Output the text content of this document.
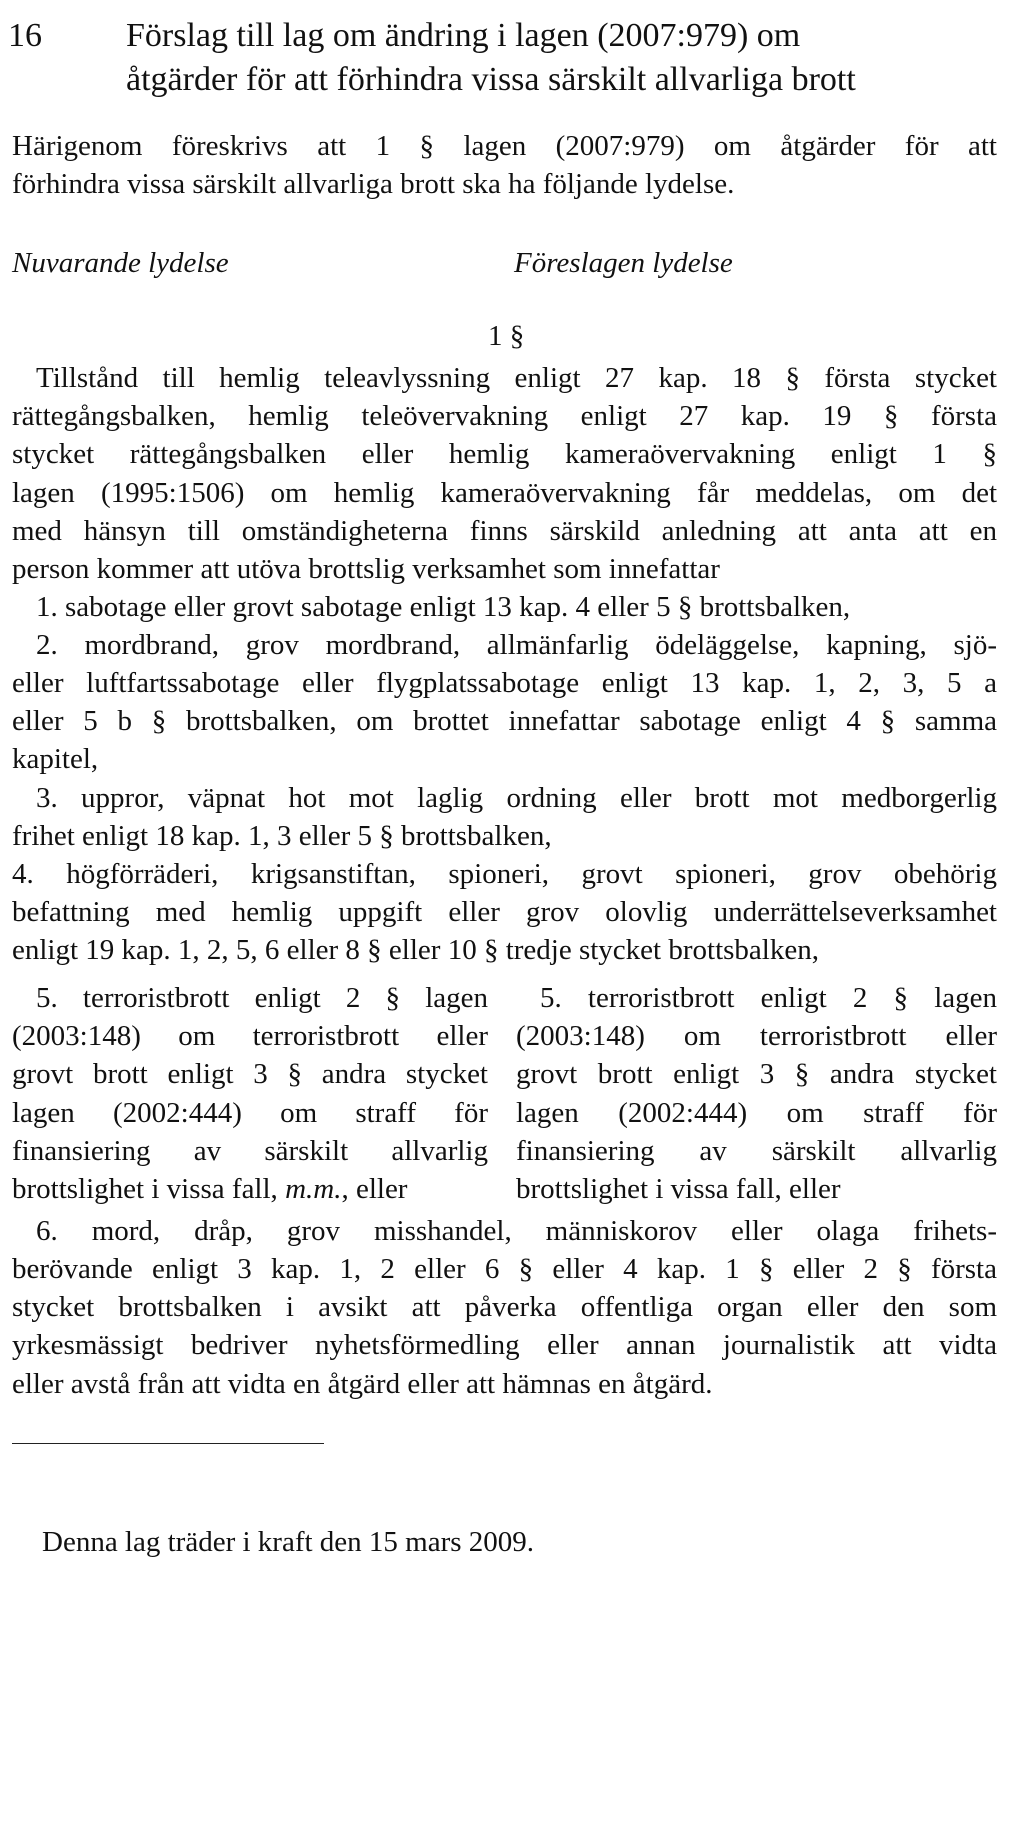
16 Förslag till lag om ändring i lagen (2007:979) om
åtgärder för att förhindra vissa särskilt allvarliga brott
Härigenom föreskrivs att 1 § lagen (2007:979) om åtgärder för att
förhindra vissa särskilt allvarliga brott ska ha följande lydelse.
Nuvarande lydelse	Föreslagen lydelse
1 §
Tillstånd till hemlig teleavlyssning enligt 27 kap. 18 § första stycket
rättegångsbalken, hemlig teleövervakning enligt 27 kap. 19 § första
stycket rättegångsbalken eller hemlig kameraövervakning enligt 1 §
lagen (1995:1506) om hemlig kameraövervakning får meddelas, om det
med hänsyn till omständigheterna finns särskild anledning att anta att en
person kommer att utöva brottslig verksamhet som innefattar
1. sabotage eller grovt sabotage enligt 13 kap. 4 eller 5 § brottsbalken,
2. mordbrand, grov mordbrand, allmänfarlig ödeläggelse, kapning, sjö-
eller luftfartssabotage eller flygplatssabotage enligt 13 kap. 1, 2, 3, 5 a
eller 5 b § brottsbalken, om brottet innefattar sabotage enligt 4 § samma
kapitel,
3. uppror, väpnat hot mot laglig ordning eller brott mot medborgerlig
frihet enligt 18 kap. 1, 3 eller 5 § brottsbalken,
4. högförräderi, krigsanstiftan, spioneri, grovt spioneri, grov obehörig
befattning med hemlig uppgift eller grov olovlig underrättelseverksamhet
enligt 19 kap. 1, 2, 5, 6 eller 8 § eller 10 § tredje stycket brottsbalken,
5. terroristbrott enligt 2 § lagen
(2003:148) om terroristbrott eller
grovt brott enligt 3 § andra stycket
lagen (2002:444) om straff för
finansiering av särskilt allvarlig
brottslighet i vissa fall, m.m., eller
5. terroristbrott enligt 2 § lagen
(2003:148) om terroristbrott eller
grovt brott enligt 3 § andra stycket
lagen (2002:444) om straff för
finansiering av särskilt allvarlig
brottslighet i vissa fall, eller
6. mord, dråp, grov misshandel, människorov eller olaga frihets-
berövande enligt 3 kap. 1, 2 eller 6 § eller 4 kap. 1 § eller 2 § första
stycket brottsbalken i avsikt att påverka offentliga organ eller den som
yrkesmässigt bedriver nyhetsförmedling eller annan journalistik att vidta
eller avstå från att vidta en åtgärd eller att hämnas en åtgärd.
Denna lag träder i kraft den 15 mars 2009.
